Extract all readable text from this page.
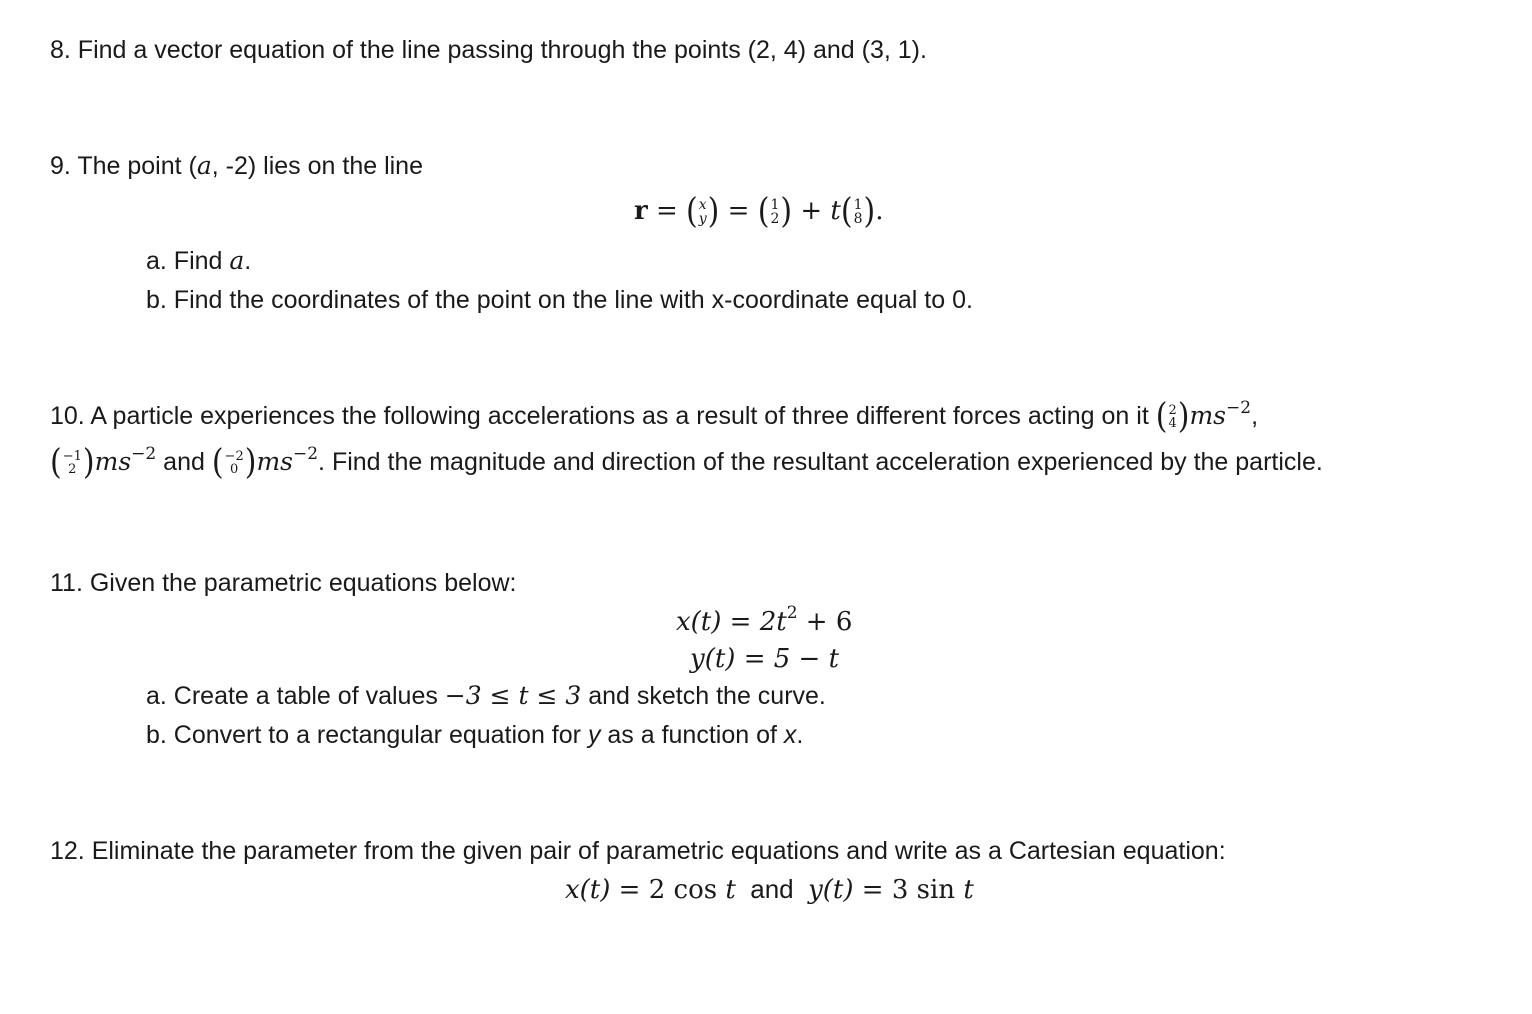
8. Find a vector equation of the line passing through the points (2, 4) and (3, 1).
9. The point (a, -2) lies on the line
r = ( x
y ) = ( 1
2 ) + t ( 1
8 ) .
a. Find a.
b. Find the coordinates of the point on the line with x-coordinate equal to 0.
10. A particle experiences the following accelerations as a result of three different forces acting on it ( 2
4 ) $ms^{-2}$,
( −1
2 ) $ms^{-2}$ and ( −2
0 ) $ms^{-2}$. Find the magnitude and direction of the resultant acceleration experienced by the particle.
11. Given the parametric equations below:
$x(t) = 2t^2 + 6$
y(t) = 5 − t
a. Create a table of values −3 ≤ t ≤ 3 and sketch the curve.
b. Convert to a rectangular equation for y as a function of x.
12. Eliminate the parameter from the given pair of parametric equations and write as a Cartesian equation:
x(t) = 2 cos t  and  y(t) = 3 sin t
